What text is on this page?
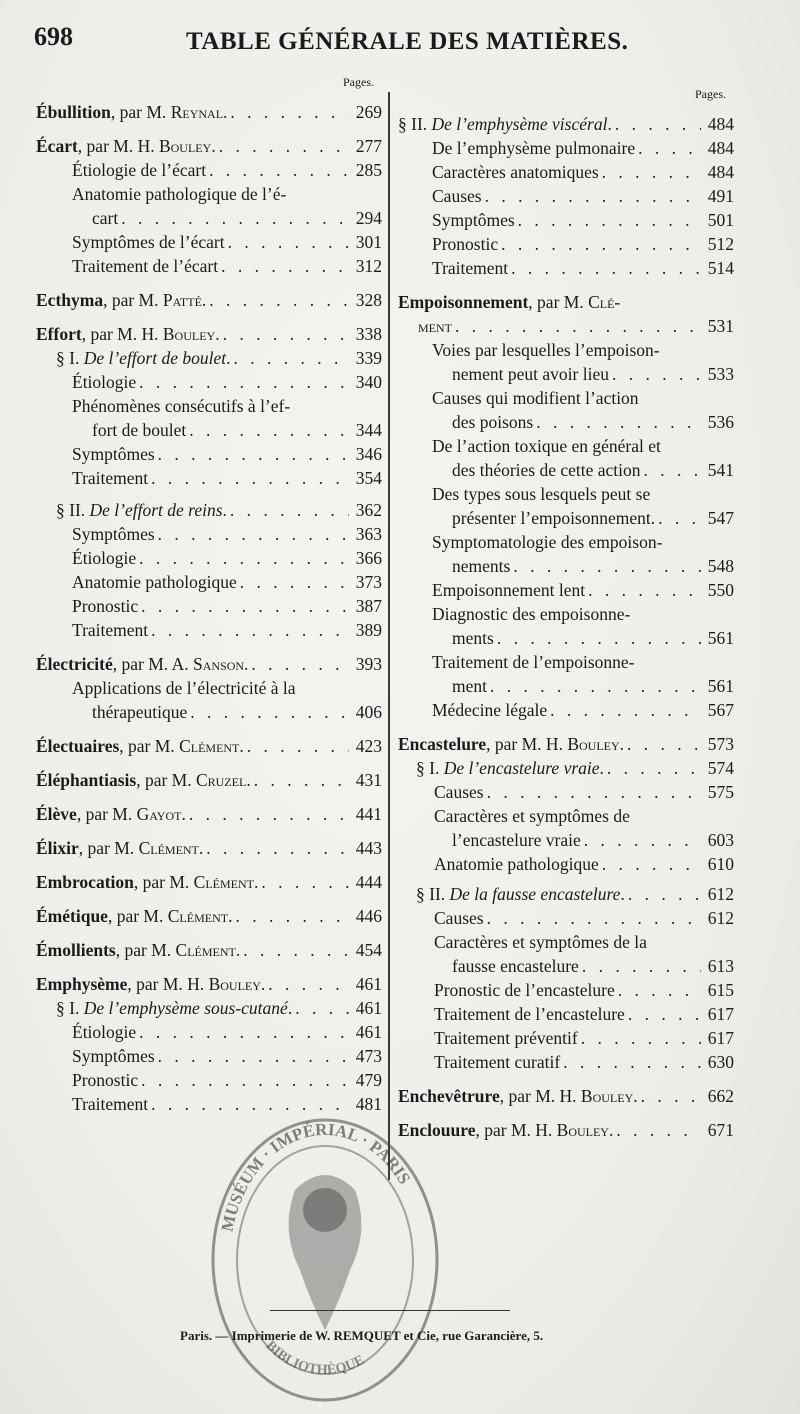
698	TABLE GÉNÉRALE DES MATIÈRES.
Pages.
Ébullition, par M. Reynal. . . .	269
Écart, par M. H. Bouley. . . .	277
Étiologie de l’écart . . .	285
Anatomie pathologique de l’é-
cart . . .	294
Symptômes de l’écart . . .	301
Traitement de l’écart . . .	312
Ecthyma, par M. Patté. . . .	328
Effort, par M. H. Bouley. . . .	338
§ I. De l’effort de boulet. . . .	339
Étiologie . . .	340
Phénomènes consécutifs à l’ef-
fort de boulet . . .	344
Symptômes . . .	346
Traitement . . .	354
§ II. De l’effort de reins. . . .	362
Symptômes . . .	363
Étiologie . . .	366
Anatomie pathologique . . .	373
Pronostic . . .	387
Traitement . . .	389
Électricité, par M. A. Sanson. . . .	393
Applications de l’électricité à la
thérapeutique . . .	406
Électuaires, par M. Clément. . . .	423
Éléphantiasis, par M. Cruzel. . . .	431
Élève, par M. Gayot. . . .	441
Élixir, par M. Clément. . . .	443
Embrocation, par M. Clément. . . .	444
Émétique, par M. Clément. . . .	446
Émollients, par M. Clément. . . .	454
Emphysème, par M. H. Bouley. . . .	461
§ I. De l’emphysème sous-cutané. . . .	461
Étiologie . . .	461
Symptômes . . .	473
Pronostic . . .	479
Traitement . . .	481
Pages.
§ II. De l’emphysème viscéral. . . .	484
De l’emphysème pulmonaire . . .	484
Caractères anatomiques . . .	484
Causes . . .	491
Symptômes . . .	501
Pronostic . . .	512
Traitement . . .	514
Empoisonnement, par M. Clé-
ment . . .	531
Voies par lesquelles l’empoison-
nement peut avoir lieu . . .	533
Causes qui modifient l’action
des poisons . . .	536
De l’action toxique en général et
des théories de cette action . . .	541
Des types sous lesquels peut se
présenter l’empoisonnement. . . .	547
Symptomatologie des empoison-
nements . . .	548
Empoisonnement lent . . .	550
Diagnostic des empoisonne-
ments . . .	561
Traitement de l’empoisonne-
ment . . .	561
Médecine légale . . .	567
Encastelure, par M. H. Bouley. . . .	573
§ I. De l’encastelure vraie. . . .	574
Causes . . .	575
Caractères et symptômes de
l’encastelure vraie . . .	603
Anatomie pathologique . . .	610
§ II. De la fausse encastelure. . . .	612
Causes . . .	612
Caractères et symptômes de la
fausse encastelure . . .	613
Pronostic de l’encastelure . . .	615
Traitement de l’encastelure . . .	617
Traitement préventif . . .	617
Traitement curatif . . .	630
Enchevêtrure, par M. H. Bouley. . . .	662
Enclouure, par M. H. Bouley. . . .	671
MUSÉUM · IMPÉRIAL · PARIS
BIBLIOTHÈQUE
Paris. — Imprimerie de W. REMQUET et Cie, rue Garancière, 5.
